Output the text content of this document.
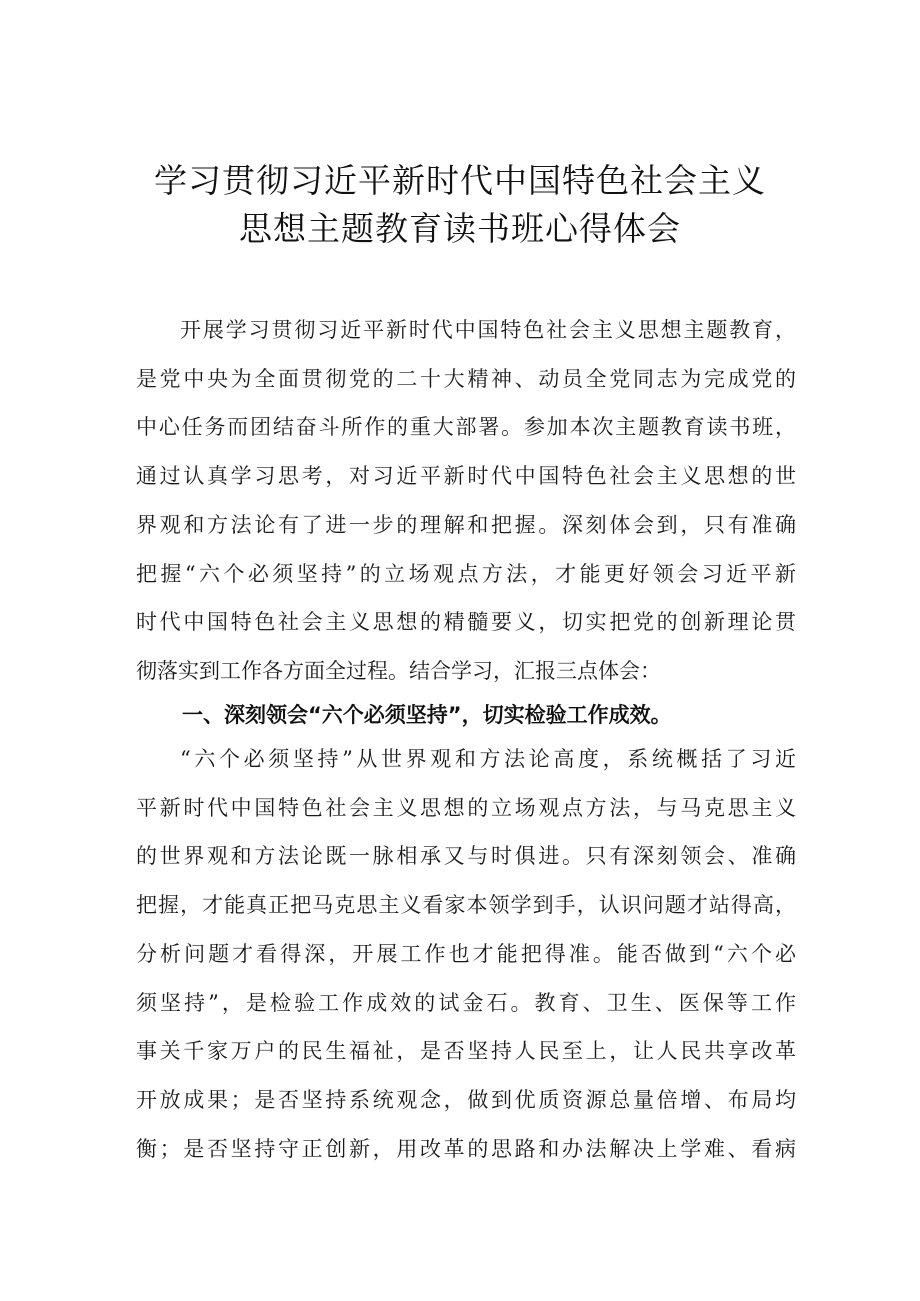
学习贯彻习近平新时代中国特色社会主义
思想主题教育读书班心得体会
开展学习贯彻习近平新时代中国特色社会主义思想主题教育，
是党中央为全面贯彻党的二十大精神、动员全党同志为完成党的
中心任务而团结奋斗所作的重大部署。参加本次主题教育读书班，
通过认真学习思考，对习近平新时代中国特色社会主义思想的世
界观和方法论有了进一步的理解和把握。深刻体会到，只有准确
把握“六个必须坚持”的立场观点方法，才能更好领会习近平新
时代中国特色社会主义思想的精髓要义，切实把党的创新理论贯
彻落实到工作各方面全过程。结合学习，汇报三点体会：
一、深刻领会“六个必须坚持”，切实检验工作成效。
“六个必须坚持”从世界观和方法论高度，系统概括了习近
平新时代中国特色社会主义思想的立场观点方法，与马克思主义
的世界观和方法论既一脉相承又与时俱进。只有深刻领会、准确
把握，才能真正把马克思主义看家本领学到手，认识问题才站得高，
分析问题才看得深，开展工作也才能把得准。能否做到“六个必
须坚持”，是检验工作成效的试金石。教育、卫生、医保等工作
事关千家万户的民生福祉，是否坚持人民至上，让人民共享改革
开放成果；是否坚持系统观念，做到优质资源总量倍增、布局均
衡；是否坚持守正创新，用改革的思路和办法解决上学难、看病
